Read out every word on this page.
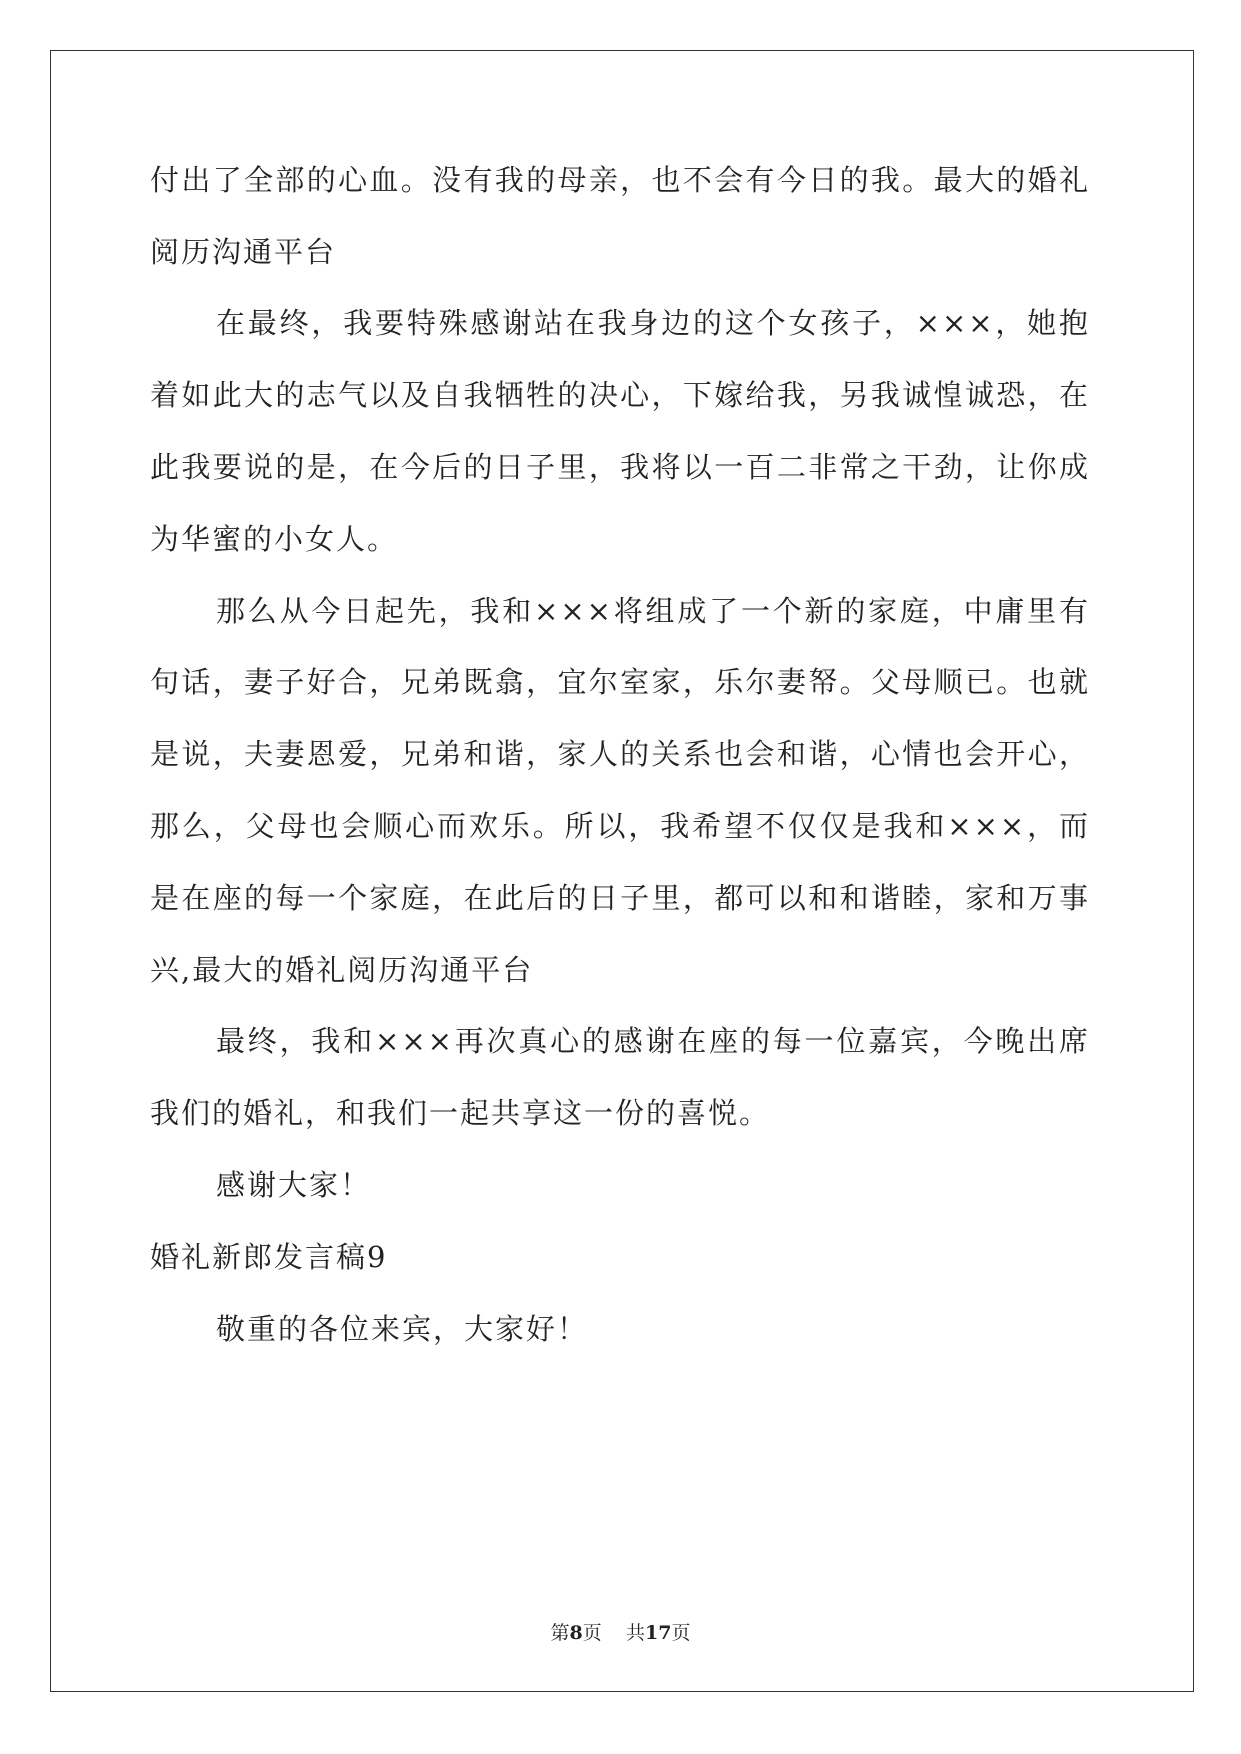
付出了全部的心血。没有我的母亲，也不会有今日的我。最大的婚礼
阅历沟通平台
在最终，我要特殊感谢站在我身边的这个女孩子，×××，她抱
着如此大的志气以及自我牺牲的决心，下嫁给我，另我诚惶诚恐，在
此我要说的是，在今后的日子里，我将以一百二非常之干劲，让你成
为华蜜的小女人。
那么从今日起先，我和×××将组成了一个新的家庭，中庸里有
句话，妻子好合，兄弟既翕，宜尔室家，乐尔妻帑。父母顺已。也就
是说，夫妻恩爱，兄弟和谐，家人的关系也会和谐，心情也会开心，
那么，父母也会顺心而欢乐。所以，我希望不仅仅是我和×××，而
是在座的每一个家庭，在此后的日子里，都可以和和谐睦，家和万事
兴,最大的婚礼阅历沟通平台
最终，我和×××再次真心的感谢在座的每一位嘉宾，今晚出席
我们的婚礼，和我们一起共享这一份的喜悦。
感谢大家！
婚礼新郎发言稿9
敬重的各位来宾，大家好！
第8页 共17页
